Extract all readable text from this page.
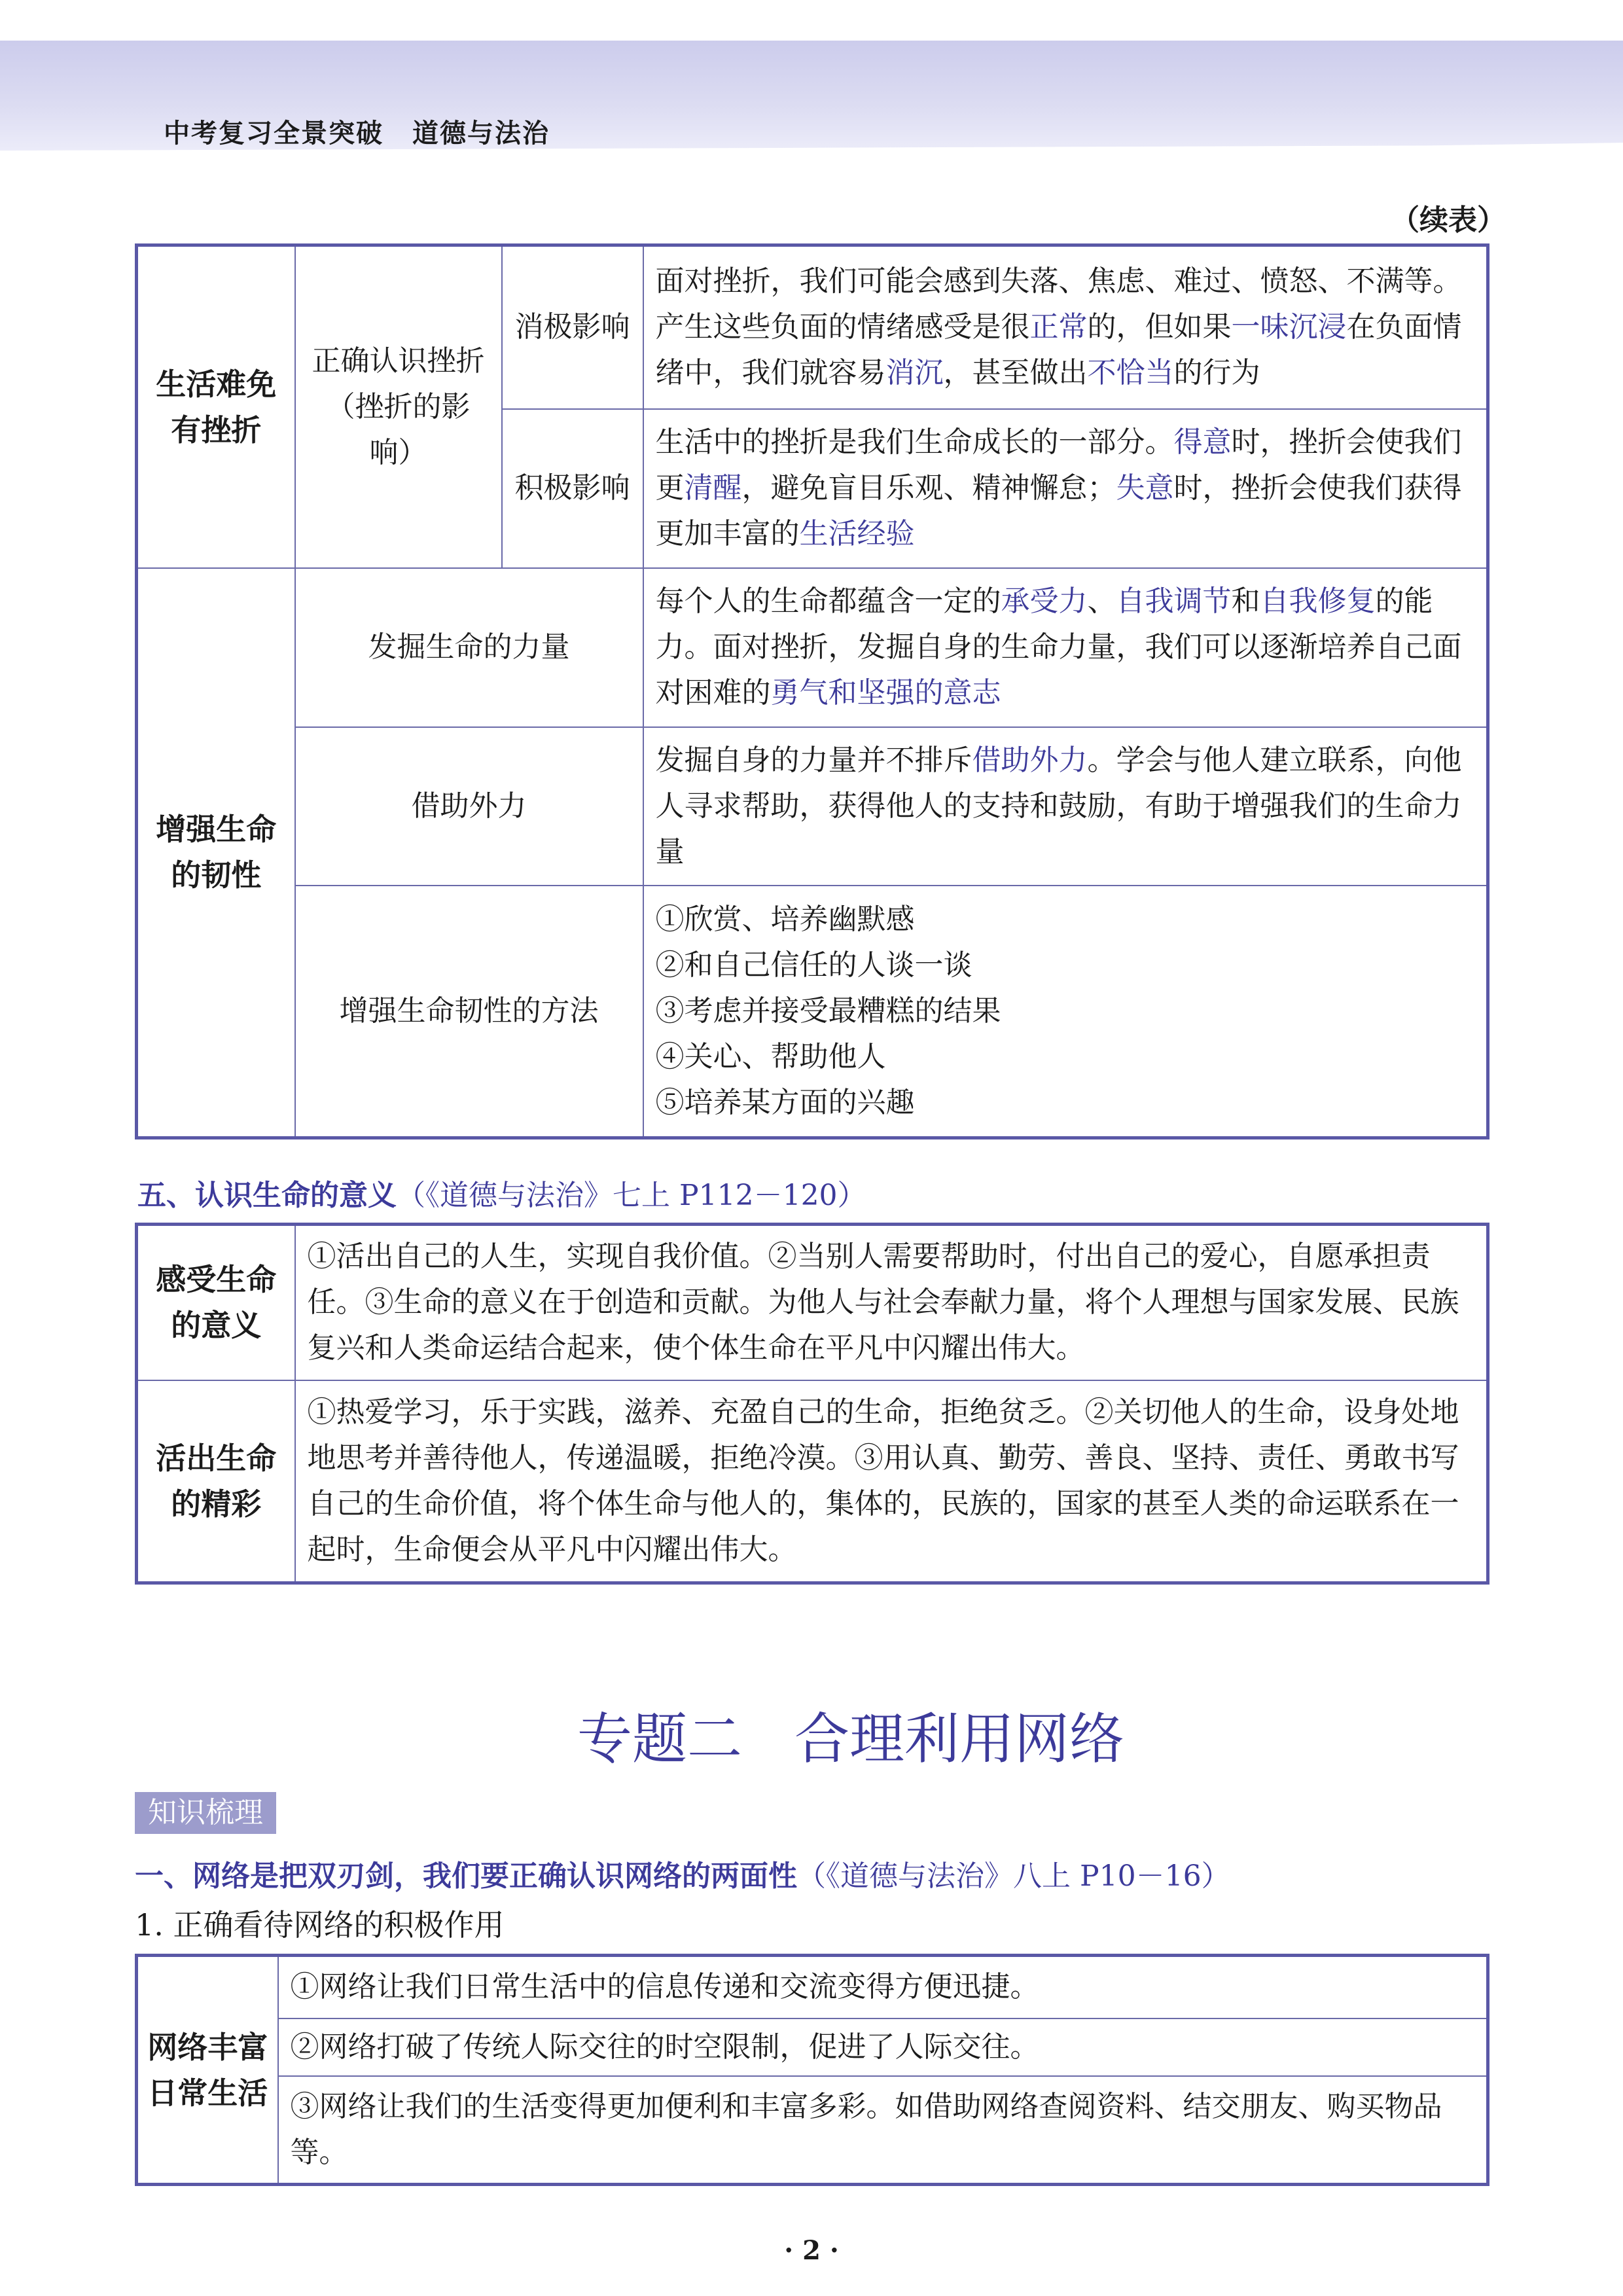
中考复习全景突破 道德与法治
（续表）
生活难免有挫折	正确认识挫折（挫折的影响）	消极影响	面对挫折，我们可能会感到失落、焦虑、难过、愤怒、不满等。产生这些负面的情绪感受是很正常的，但如果一味沉浸在负面情绪中，我们就容易消沉，甚至做出不恰当的行为
		积极影响	生活中的挫折是我们生命成长的一部分。得意时，挫折会使我们更清醒，避免盲目乐观、精神懈怠；失意时，挫折会使我们获得更加丰富的生活经验
增强生命的韧性	发掘生命的力量		每个人的生命都蕴含一定的承受力、自我调节和自我修复的能力。面对挫折，发掘自身的生命力量，我们可以逐渐培养自己面对困难的勇气和坚强的意志
	借助外力		发掘自身的力量并不排斥借助外力。学会与他人建立联系，向他人寻求帮助，获得他人的支持和鼓励，有助于增强我们的生命力量
	增强生命韧性的方法		①欣赏、培养幽默感
②和自己信任的人谈一谈
③考虑并接受最糟糕的结果
④关心、帮助他人
⑤培养某方面的兴趣
五、认识生命的意义（《道德与法治》七上 P112－120）
感受生命的意义	①活出自己的人生，实现自我价值。②当别人需要帮助时，付出自己的爱心，自愿承担责任。③生命的意义在于创造和贡献。为他人与社会奉献力量，将个人理想与国家发展、民族复兴和人类命运结合起来，使个体生命在平凡中闪耀出伟大。
活出生命的精彩	①热爱学习，乐于实践，滋养、充盈自己的生命，拒绝贫乏。②关切他人的生命，设身处地地思考并善待他人，传递温暖，拒绝冷漠。③用认真、勤劳、善良、坚持、责任、勇敢书写自己的生命价值，将个体生命与他人的，集体的，民族的，国家的甚至人类的命运联系在一起时，生命便会从平凡中闪耀出伟大。
专题二 合理利用网络
知识梳理
一、网络是把双刃剑，我们要正确认识网络的两面性（《道德与法治》八上 P10－16）
1. 正确看待网络的积极作用
网络丰富日常生活	①网络让我们日常生活中的信息传递和交流变得方便迅捷。
②网络打破了传统人际交往的时空限制，促进了人际交往。
③网络让我们的生活变得更加便利和丰富多彩。如借助网络查阅资料、结交朋友、购买物品等。
· 2 ·
